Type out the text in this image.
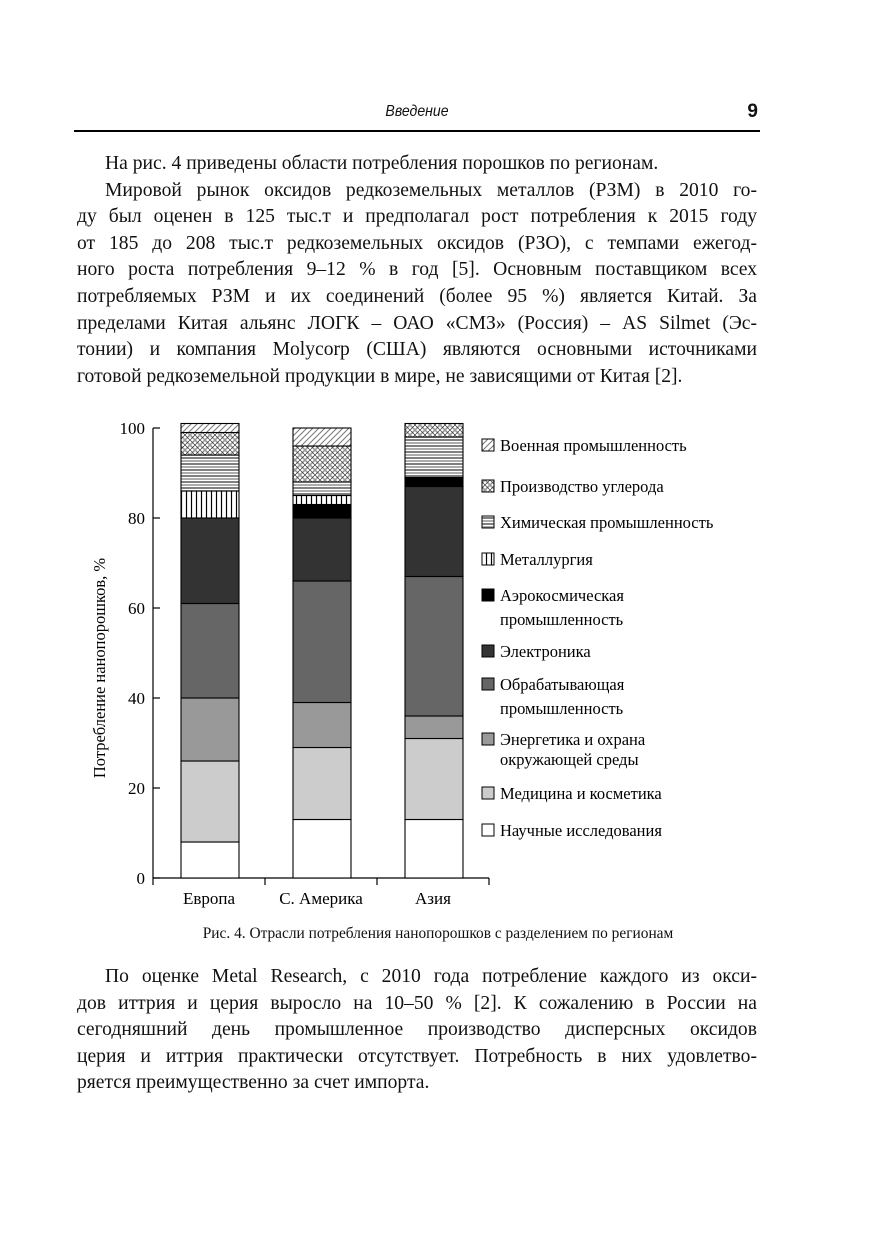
Введение	9
На рис. 4 приведены области потребления порошков по регионам.
Мировой рынок оксидов редкоземельных металлов (РЗМ) в 2010 го-
ду был оценен в 125 тыс.т и предполагал рост потребления к 2015 году
от 185 до 208 тыс.т редкоземельных оксидов (РЗО), с темпами ежегод-
ного роста потребления 9–12 % в год [5]. Основным поставщиком всех
потребляемых РЗМ и их соединений (более 95 %) является Китай. За
пределами Китая альянс ЛОГК – ОАО «СМЗ» (Россия) – AS Silmet (Эс-
тонии) и компания Molycorp (США) являются основными источниками
готовой редкоземельной продукции в мире, не зависящими от Китая [2].
0
20
40
60
80
100
Потребление нанопорошков, %
Европа	С. Америка	Азия
Военная промышленность
Производство углерода
Химическая промышленность
Металлургия
Аэрокосмическая
промышленность
Электроника
Обрабатывающая
промышленность
Энергетика и охрана
окружающей среды
Медицина и косметика
Научные исследования
Рис. 4. Отрасли потребления нанопорошков с разделением по регионам
По оценке Metal Research, с 2010 года потребление каждого из окси-
дов иттрия и церия выросло на 10–50 % [2]. К сожалению в России на
сегодняшний день промышленное производство дисперсных оксидов
церия и иттрия практически отсутствует. Потребность в них удовлетво-
ряется преимущественно за счет импорта.
